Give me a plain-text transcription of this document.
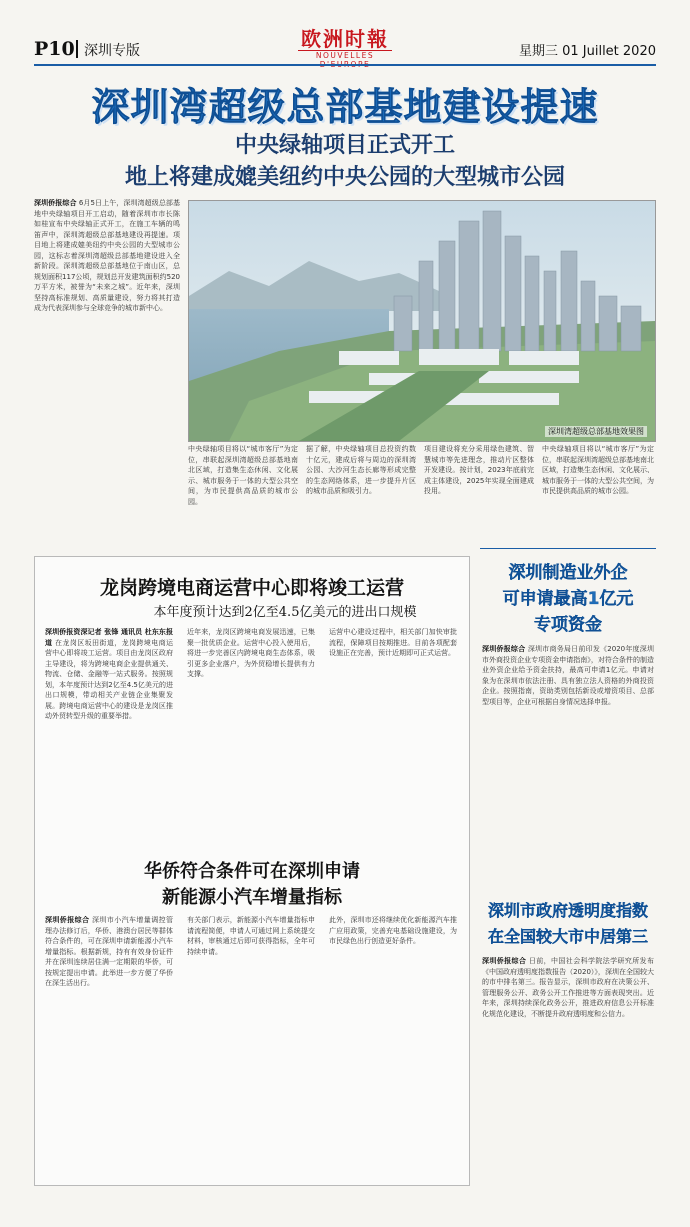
P10 深圳专版	欧洲时報
NOUVELLES	星期三 01 Juillet 2020
深圳湾超级总部基地建设提速
中央绿轴项目正式开工
地上将建成媲美纽约中央公园的大型城市公园
深圳侨报综合 6月5日上午，深圳湾超级总部基地中央绿轴项目开工启动，随着深圳市市长陈如桂宣布中央绿轴正式开工，在施工车辆的鸣笛声中，深圳湾超级总部基地建设再提速。项目地上将建成媲美纽约中央公园的大型城市公园，这标志着深圳湾超级总部基地建设进入全新阶段。深圳湾超级总部基地位于南山区，总规划面积117公顷，规划总开发建筑面积约520万平方米，被誉为“未来之城”。近年来，深圳坚持高标准规划、高质量建设，努力将其打造成为代表深圳参与全球竞争的城市新中心。
深圳湾超级总部基地效果图
中央绿轴项目将以“城市客厅”为定位，串联起深圳湾超级总部基地南北区域，打造集生态休闲、文化展示、城市服务于一体的大型公共空间，为市民提供高品质的城市公园。
据了解，中央绿轴项目总投资约数十亿元，建成后将与周边的深圳湾公园、大沙河生态长廊等形成完整的生态网络体系，进一步提升片区的城市品质和吸引力。
项目建设将充分采用绿色建筑、智慧城市等先进理念，推动片区整体开发建设。按计划，2023年底前完成主体建设，2025年实现全面建成投用。
中央绿轴项目将以“城市客厅”为定位，串联起深圳湾超级总部基地南北区域，打造集生态休闲、文化展示、城市服务于一体的大型公共空间，为市民提供高品质的城市公园。
龙岗跨境电商运营中心即将竣工运营
本年度预计达到2亿至4.5亿美元的进出口规模
深圳侨报资深记者 张锋 通讯员 杜东东报道 在龙岗区坂田街道，龙岗跨境电商运营中心即将竣工运营。项目由龙岗区政府主导建设，将为跨境电商企业提供通关、物流、仓储、金融等一站式服务。按照规划，本年度预计达到2亿至4.5亿美元的进出口规模，带动相关产业链企业集聚发展。跨境电商运营中心的建设是龙岗区推动外贸转型升级的重要举措。
近年来，龙岗区跨境电商发展迅速，已集聚一批优质企业。运营中心投入使用后，将进一步完善区内跨境电商生态体系，吸引更多企业落户，为外贸稳增长提供有力支撑。
运营中心建设过程中，相关部门加快审批流程，保障项目按期推进。目前各项配套设施正在完善，预计近期即可正式运营。
华侨符合条件可在深圳申请
新能源小汽车增量指标
深圳侨报综合 深圳市小汽车增量调控管理办法修订后，华侨、港澳台居民等群体符合条件的，可在深圳申请新能源小汽车增量指标。根据新规，持有有效身份证件并在深圳连续居住满一定期限的华侨，可按规定提出申请。此举进一步方便了华侨在深生活出行。
有关部门表示，新能源小汽车增量指标申请流程简便，申请人可通过网上系统提交材料，审核通过后即可获得指标，全年可持续申请。
此外，深圳市还将继续优化新能源汽车推广应用政策，完善充电基础设施建设，为市民绿色出行创造更好条件。
深圳制造业外企
可申请最高1亿元
专项资金
深圳侨报综合 深圳市商务局日前印发《2020年度深圳市外商投资企业专项资金申请指南》，对符合条件的制造业外资企业给予资金扶持，最高可申请1亿元。申请对象为在深圳市依法注册、具有独立法人资格的外商投资企业。按照指南，资助类别包括新设或增资项目、总部型项目等，企业可根据自身情况选择申报。
深圳市政府透明度指数
在全国较大市中居第三
深圳侨报综合 日前，中国社会科学院法学研究所发布《中国政府透明度指数报告（2020）》，深圳在全国较大的市中排名第三。报告显示，深圳市政府在决策公开、管理服务公开、政务公开工作推进等方面表现突出。近年来，深圳持续深化政务公开，推进政府信息公开标准化规范化建设，不断提升政府透明度和公信力。
